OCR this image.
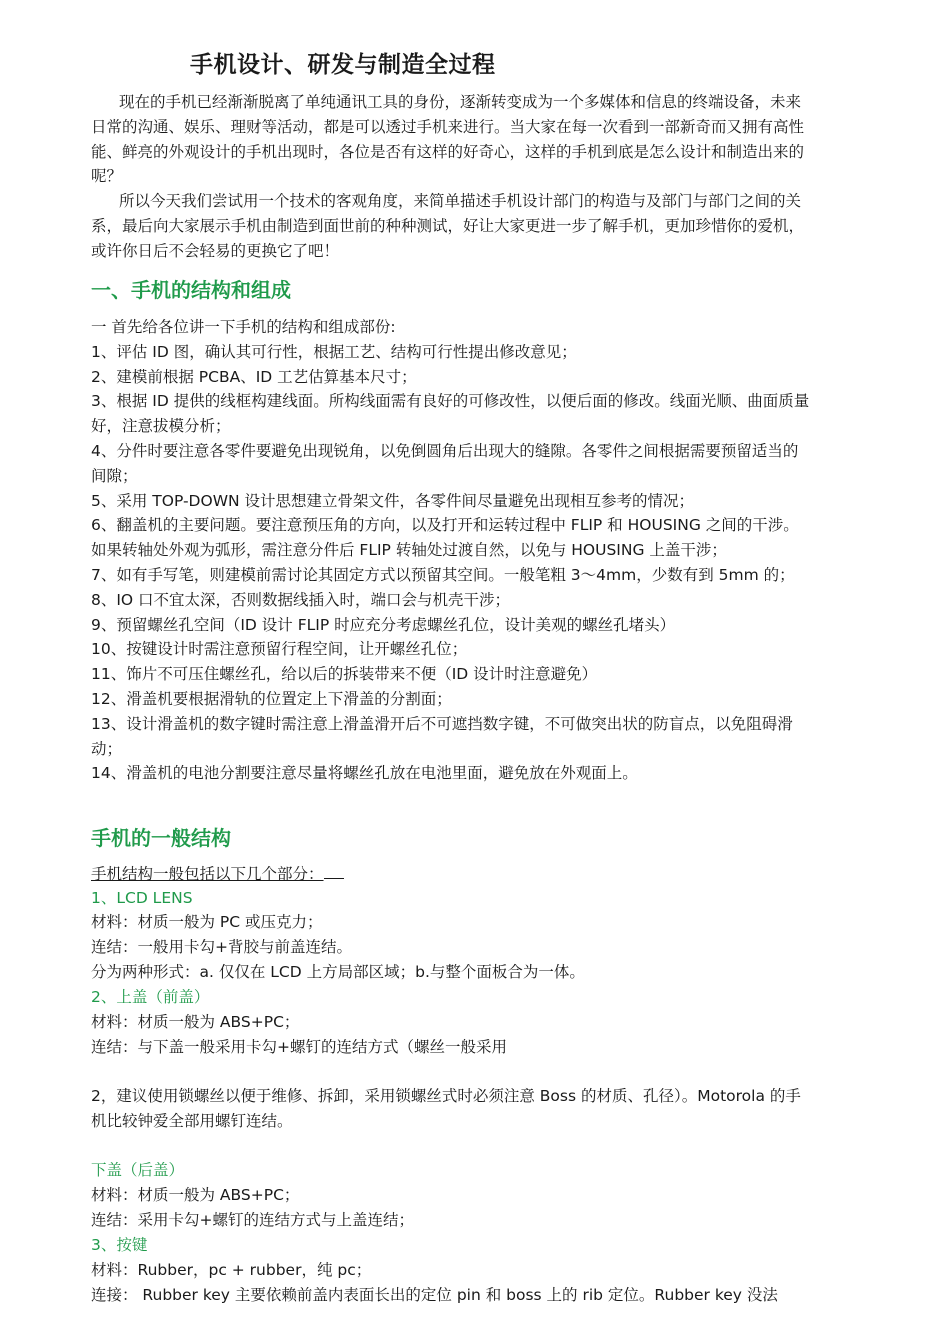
手机设计、研发与制造全过程
现在的手机已经渐渐脱离了单纯通讯工具的身份，逐渐转变成为一个多媒体和信息的终端设备，未来日常的沟通、娱乐、理财等活动，都是可以透过手机来进行。当大家在每一次看到一部新奇而又拥有高性能、鲜亮的外观设计的手机出现时，各位是否有这样的好奇心，这样的手机到底是怎么设计和制造出来的呢？
所以今天我们尝试用一个技术的客观角度，来简单描述手机设计部门的构造与及部门与部门之间的关系，最后向大家展示手机由制造到面世前的种种测试，好让大家更进一步了解手机，更加珍惜你的爱机，或许你日后不会轻易的更换它了吧！
一、手机的结构和组成
一 首先给各位讲一下手机的结构和组成部份:
1、评估 ID 图，确认其可行性，根据工艺、结构可行性提出修改意见；
2、建模前根据 PCBA、ID 工艺估算基本尺寸；
3、根据 ID 提供的线框构建线面。所构线面需有良好的可修改性，以便后面的修改。线面光顺、曲面质量好，注意拔模分析；
4、分件时要注意各零件要避免出现锐角，以免倒圆角后出现大的缝隙。各零件之间根据需要预留适当的间隙；
5、采用 TOP-DOWN 设计思想建立骨架文件，各零件间尽量避免出现相互参考的情况；
6、翻盖机的主要问题。要注意预压角的方向，以及打开和运转过程中 FLIP 和 HOUSING 之间的干涉。如果转轴处外观为弧形，需注意分件后 FLIP 转轴处过渡自然，以免与 HOUSING 上盖干涉；
7、如有手写笔，则建模前需讨论其固定方式以预留其空间。一般笔粗 3～4mm，少数有到 5mm 的；
8、IO 口不宜太深，否则数据线插入时，端口会与机壳干涉；
9、预留螺丝孔空间（ID 设计 FLIP 时应充分考虑螺丝孔位，设计美观的螺丝孔堵头）
10、按键设计时需注意预留行程空间，让开螺丝孔位；
11、饰片不可压住螺丝孔，给以后的拆装带来不便（ID 设计时注意避免）
12、滑盖机要根据滑轨的位置定上下滑盖的分割面；
13、设计滑盖机的数字键时需注意上滑盖滑开后不可遮挡数字键，不可做突出状的防盲点，以免阻碍滑动；
14、滑盖机的电池分割要注意尽量将螺丝孔放在电池里面，避免放在外观面上。
手机的一般结构
手机结构一般包括以下几个部分：
1、LCD LENS
材料：材质一般为 PC 或压克力；
连结：一般用卡勾+背胶与前盖连结。
分为两种形式：a. 仅仅在 LCD 上方局部区域；b.与整个面板合为一体。
2、上盖（前盖）
材料：材质一般为 ABS+PC；
连结：与下盖一般采用卡勾+螺钉的连结方式（螺丝一般采用
2，建议使用锁螺丝以便于维修、拆卸，采用锁螺丝式时必须注意 Boss 的材质、孔径）。Motorola 的手机比较钟爱全部用螺钉连结。
下盖（后盖）
材料：材质一般为 ABS+PC；
连结：采用卡勾+螺钉的连结方式与上盖连结；
3、按键
材料：Rubber，pc + rubber，纯 pc；
连接： Rubber key 主要依赖前盖内表面长出的定位 pin 和 boss 上的 rib 定位。Rubber key 没法
